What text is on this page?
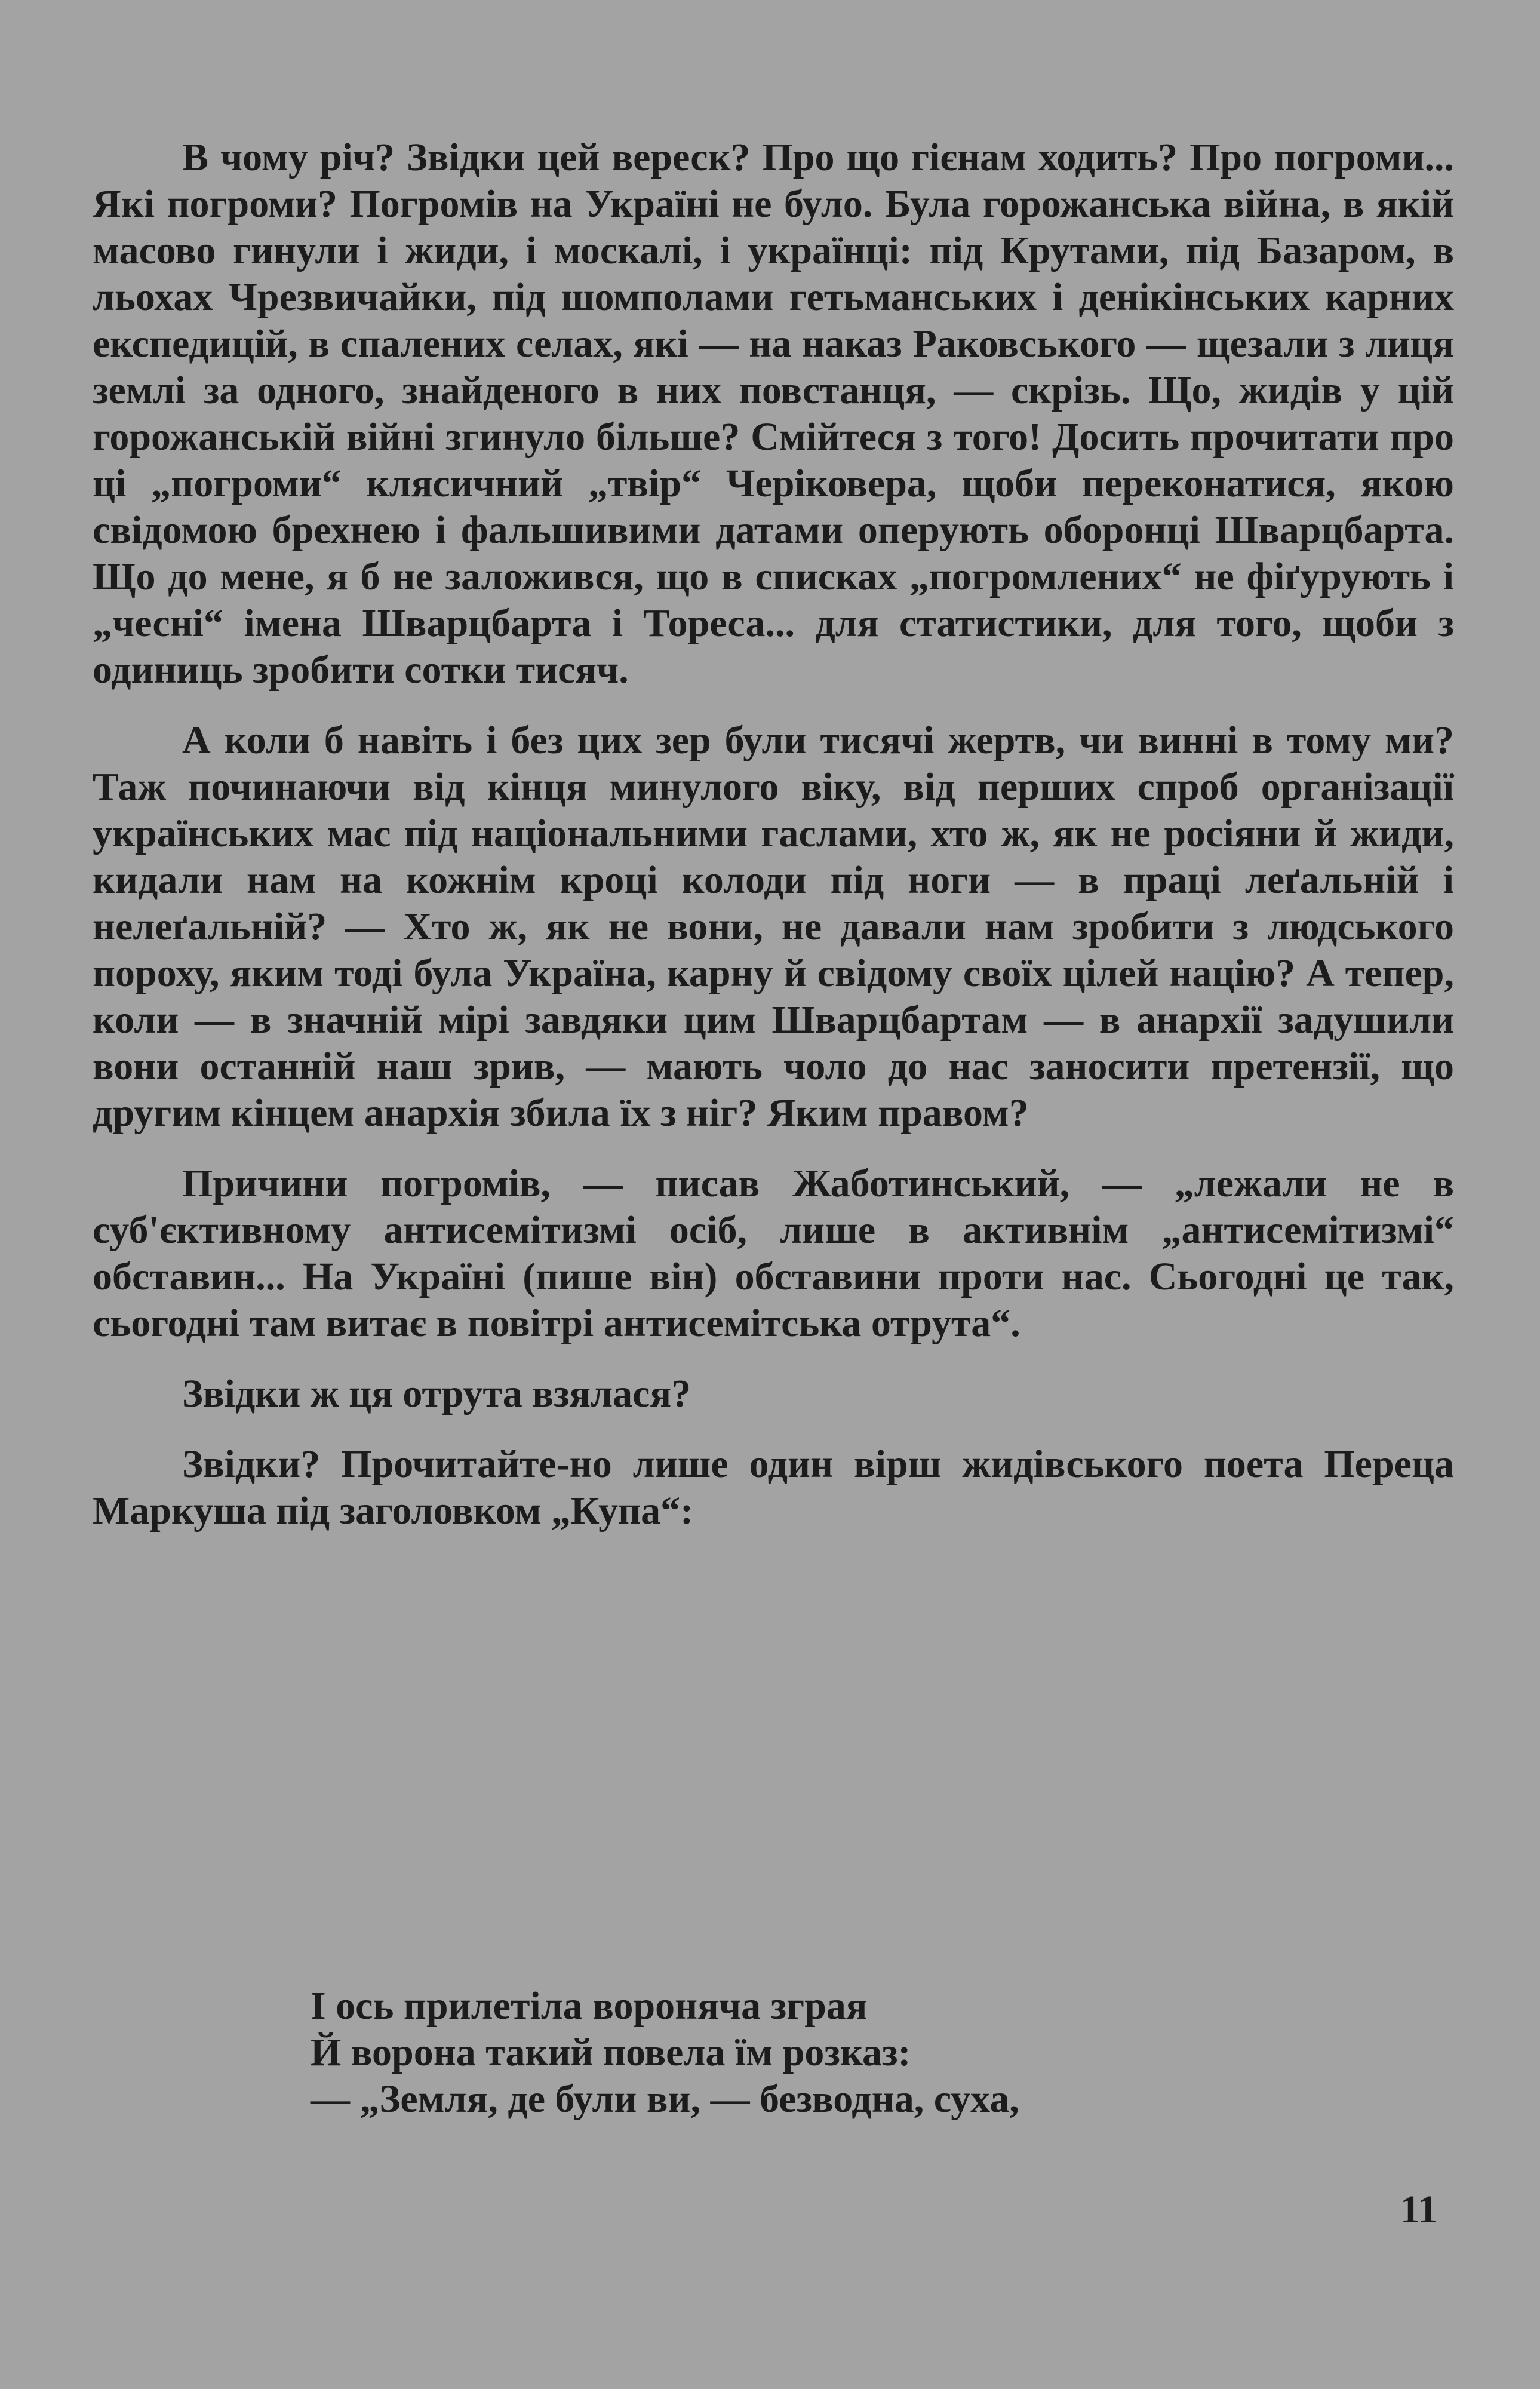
В чому річ? Звідки цей вереск? Про що гієнам ходить? Про погроми... Які погроми? Погромів на Україні не було. Була горожанська війна, в якій масово гинули і жиди, і москалі, і українці: під Крутами, під Базаром, в льохах Чрезвичайки, під шомполами гетьманських і денікінських карних експедицій, в спалених селах, які — на наказ Раковського — щезали з лиця землі за одного, знайденого в них повстанця, — скрізь. Що, жидів у цій горожанській війні згинуло більше? Смійтеся з того! Досить прочитати про ці „погроми“ клясичний „твір“ Черіковера, щоби переконатися, якою свідомою брехнею і фальшивими датами оперують оборонці Шварцбарта. Що до мене, я б не заложився, що в списках „погромлених“ не фіґурують і „чесні“ імена Шварцбарта і Тореса... для статистики, для того, щоби з одиниць зробити сотки тисяч.

А коли б навіть і без цих зер були тисячі жертв, чи винні в тому ми? Таж починаючи від кінця минулого віку, від перших спроб організації українських мас під національними гаслами, хто ж, як не росіяни й жиди, кидали нам на кожнім кроці колоди під ноги — в праці леґальній і нелеґальній? — Хто ж, як не вони, не давали нам зробити з людського пороху, яким тоді була Україна, карну й свідому своїх цілей націю? А тепер, коли — в значній мірі завдяки цим Шварцбартам — в анархії задушили вони останній наш зрив, — мають чоло до нас заносити претензії, що другим кінцем анархія збила їх з ніг? Яким правом?

Причини погромів, — писав Жаботинський, — „лежали не в суб'єктивному антисемітизмі осіб, лише в активнім „антисемітизмі“ обставин... На Україні (пише він) обставини проти нас. Сьогодні це так, сьогодні там витає в повітрі антисемітська отрута“.

Звідки ж ця отрута взялася?

Звідки? Прочитайте-но лише один вірш жидівського поета Переца Маркуша під заголовком „Купа“:

І ось прилетіла вороняча зграя
Й ворона такий повела їм розказ:
— „Земля, де були ви, — безводна, суха,
11
